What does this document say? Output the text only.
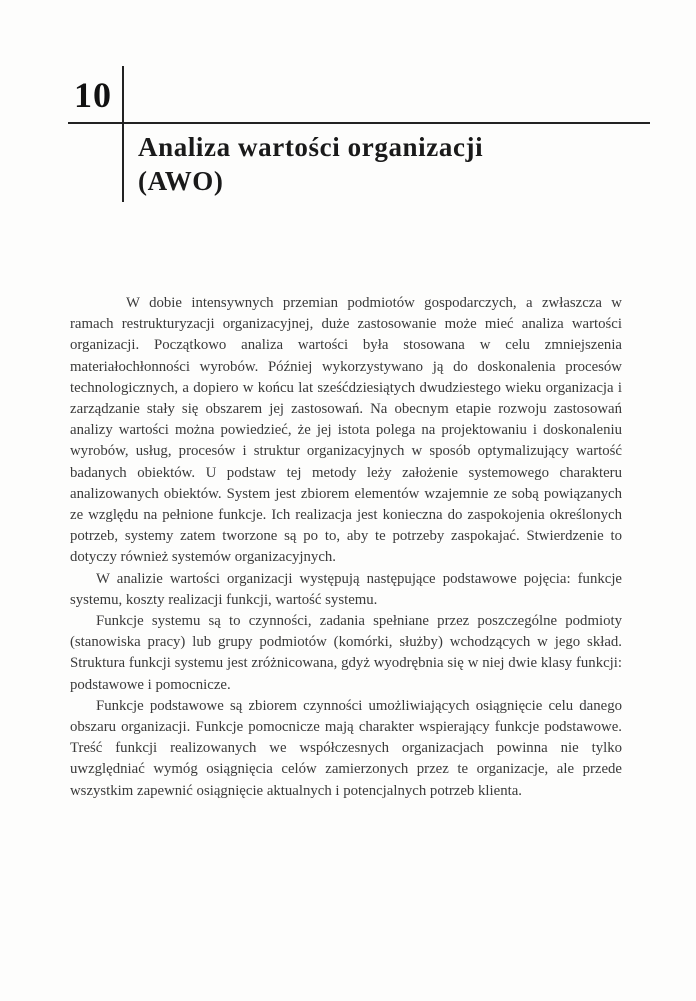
10
Analiza wartości organizacji
(AWO)

W dobie intensywnych przemian podmiotów gospodarczych, a zwłaszcza w ramach restrukturyzacji organizacyjnej, duże zastosowanie może mieć analiza wartości organizacji. Początkowo analiza wartości była stosowana w celu zmniejszenia materiałochłonności wyrobów. Później wykorzystywano ją do doskonalenia procesów technologicznych, a dopiero w końcu lat sześćdziesiątych dwudziestego wieku organizacja i zarządzanie stały się obszarem jej zastosowań. Na obecnym etapie rozwoju zastosowań analizy wartości można powiedzieć, że jej istota polega na projektowaniu i doskonaleniu wyrobów, usług, procesów i struktur organizacyjnych w sposób optymalizujący wartość badanych obiektów. U podstaw tej metody leży założenie systemowego charakteru analizowanych obiektów. System jest zbiorem elementów wzajemnie ze sobą powiązanych ze względu na pełnione funkcje. Ich realizacja jest konieczna do zaspokojenia określonych potrzeb, systemy zatem tworzone są po to, aby te potrzeby zaspokajać. Stwierdzenie to dotyczy również systemów organizacyjnych.

W analizie wartości organizacji występują następujące podstawowe pojęcia: funkcje systemu, koszty realizacji funkcji, wartość systemu.

Funkcje systemu są to czynności, zadania spełniane przez poszczególne podmioty (stanowiska pracy) lub grupy podmiotów (komórki, służby) wchodzących w jego skład. Struktura funkcji systemu jest zróżnicowana, gdyż wyodrębnia się w niej dwie klasy funkcji: podstawowe i pomocnicze.

Funkcje podstawowe są zbiorem czynności umożliwiających osiągnięcie celu danego obszaru organizacji. Funkcje pomocnicze mają charakter wspierający funkcje podstawowe. Treść funkcji realizowanych we współczesnych organizacjach powinna nie tylko uwzględniać wymóg osiągnięcia celów zamierzonych przez te organizacje, ale przede wszystkim zapewnić osiągnięcie aktualnych i potencjalnych potrzeb klienta.
